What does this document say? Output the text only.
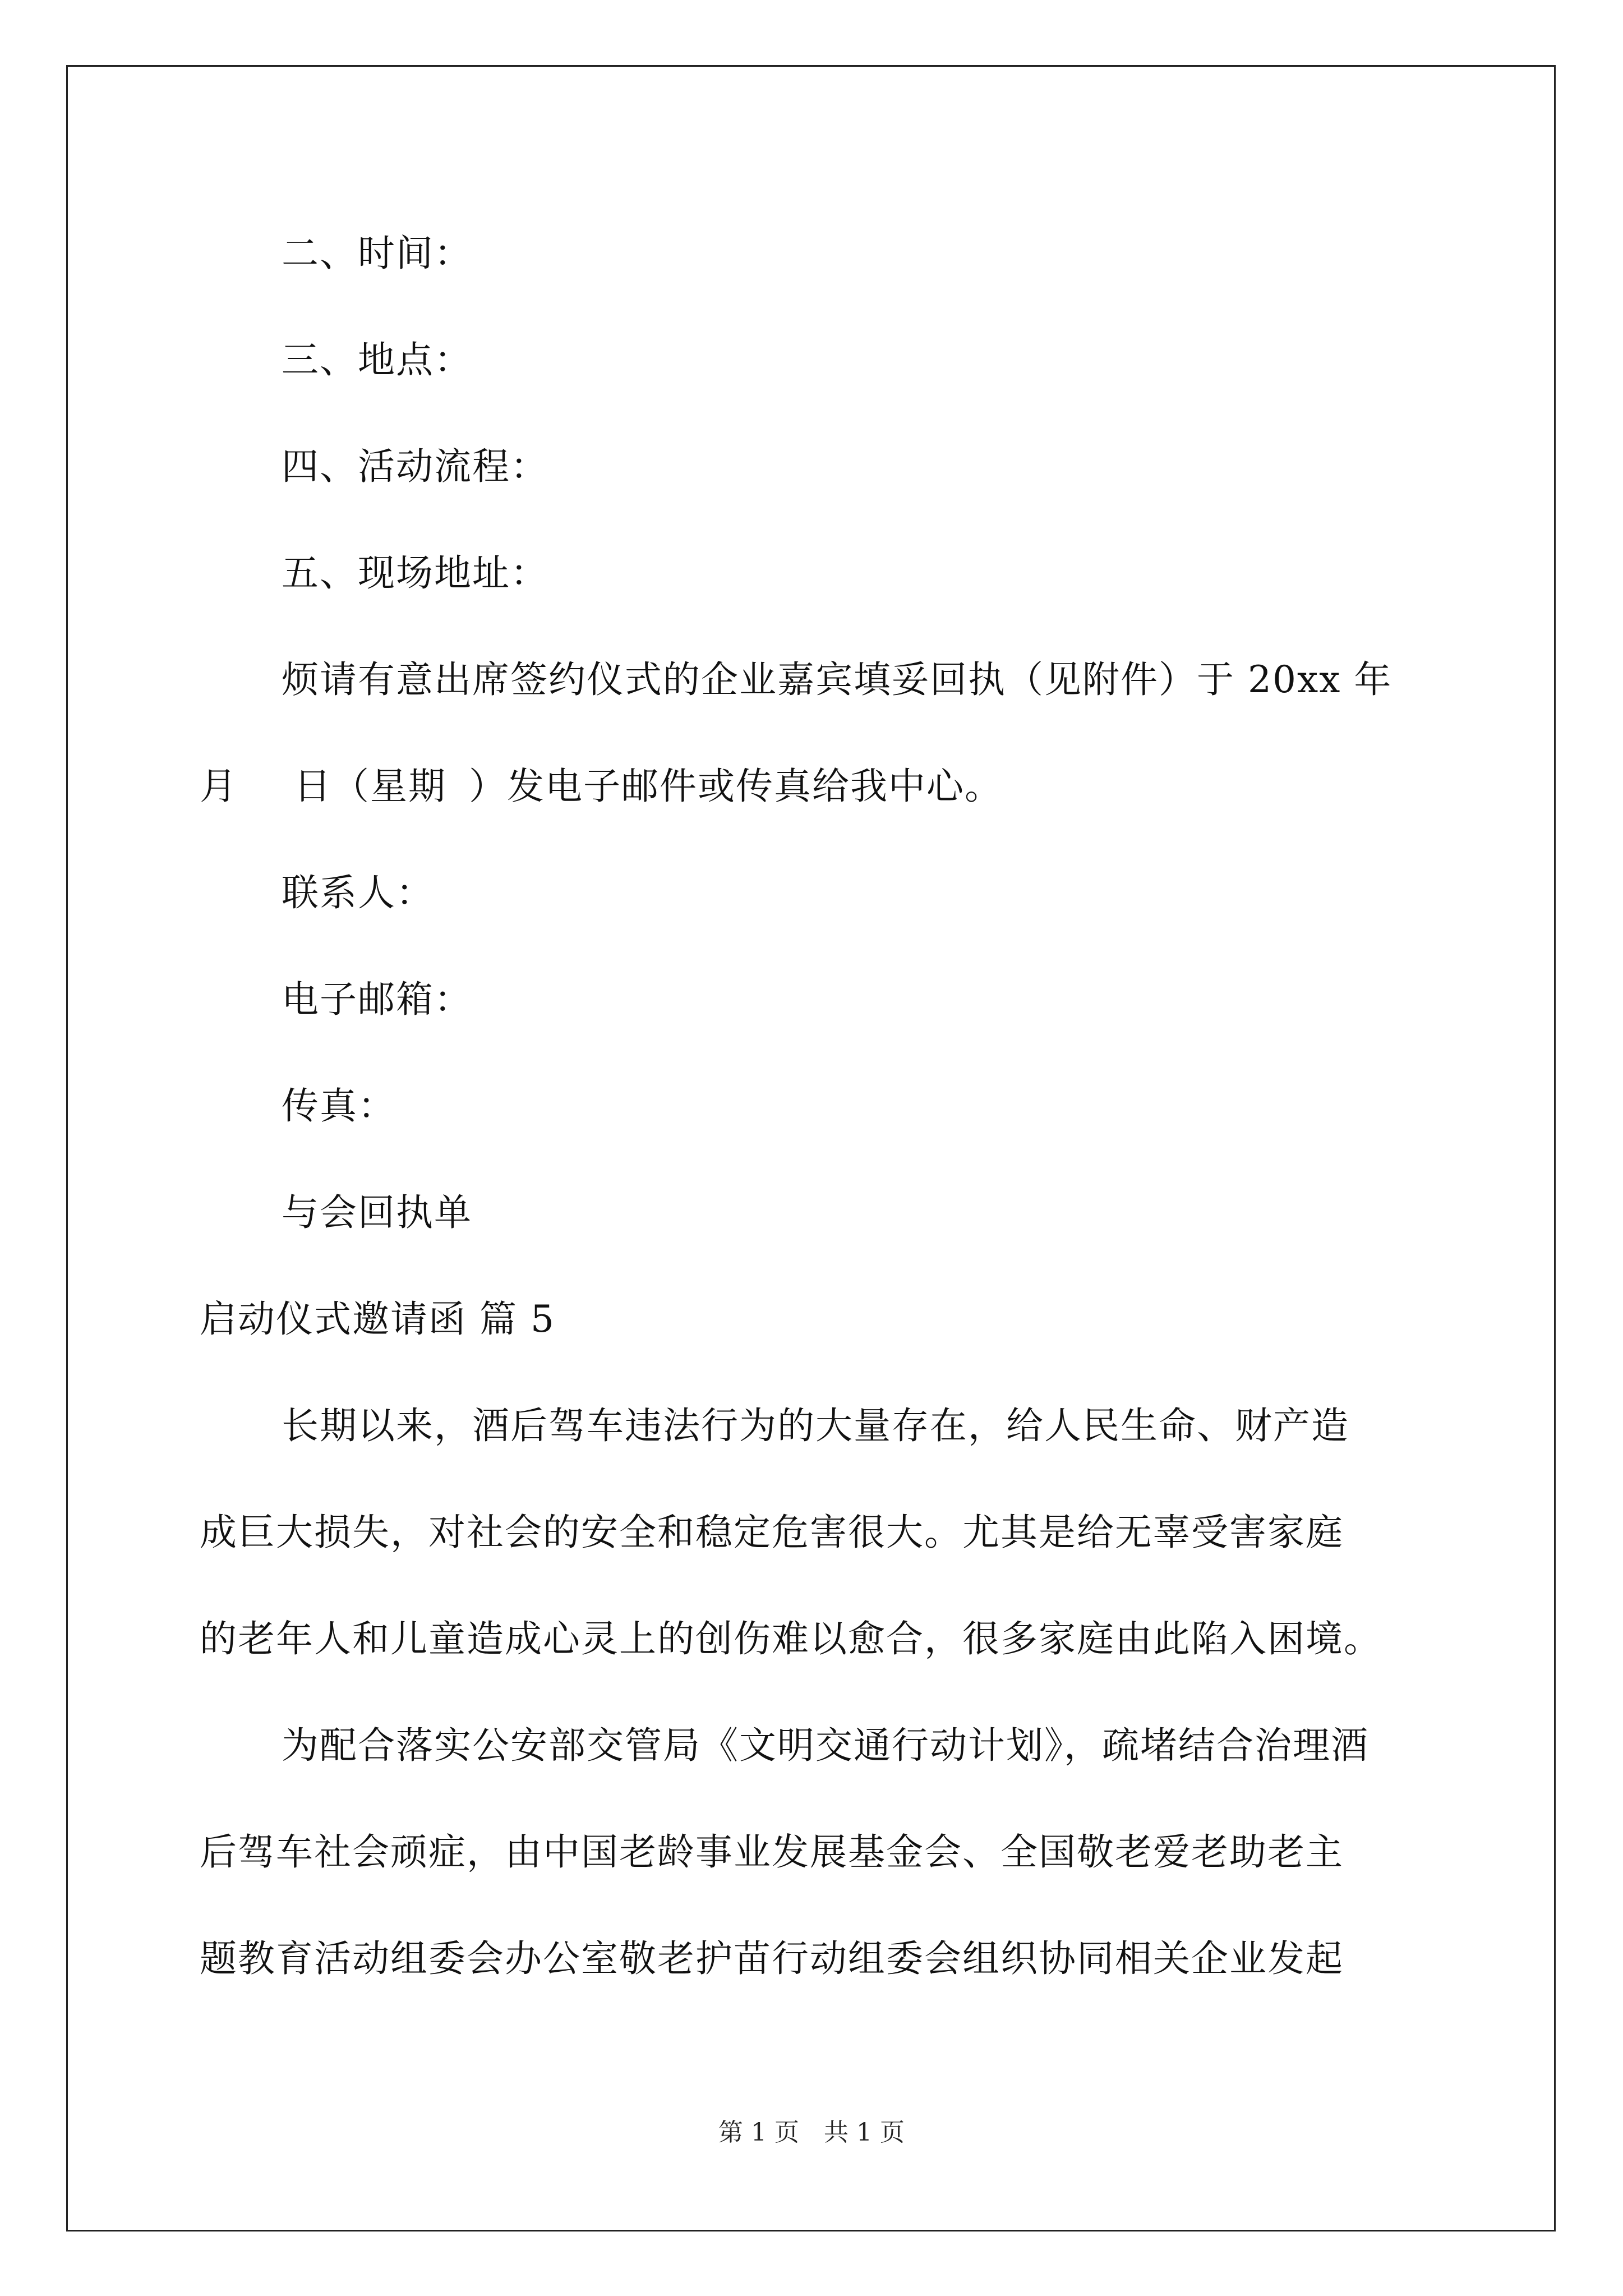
二、时间：

三、地点：

四、活动流程：

五、现场地址：

烦请有意出席签约仪式的企业嘉宾填妥回执（见附件）于 20xx 年

月 日（星期 ）发电子邮件或传真给我中心。

联系人：

电子邮箱：

传真：

与会回执单

启动仪式邀请函 篇 5

长期以来，酒后驾车违法行为的大量存在，给人民生命、财产造

成巨大损失，对社会的安全和稳定危害很大。尤其是给无辜受害家庭

的老年人和儿童造成心灵上的创伤难以愈合，很多家庭由此陷入困境。

为配合落实公安部交管局《文明交通行动计划》，疏堵结合治理酒

后驾车社会顽症，由中国老龄事业发展基金会、全国敬老爱老助老主

题教育活动组委会办公室敬老护苗行动组委会组织协同相关企业发起

第 1 页　共 1 页
